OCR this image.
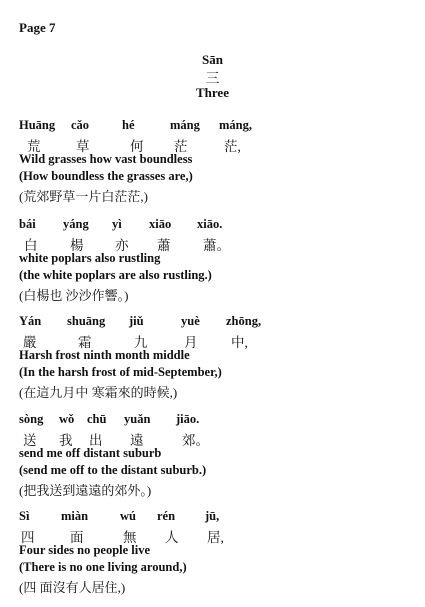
Page 7
Sān
三
Three
Huāng cǎo	hé	máng máng,
荒	草	何 茫	茫,
Wild grasses how vast boundless
(How boundless the grasses are,)
(荒郊野草一片白茫茫,)
bái yáng yì xiāo xiāo.
白 楊 亦 蕭 蕭。
white poplars also rustling
(the white poplars are also rustling.)
(白楊也 沙沙作響。)
Yán shuāng jiǔ	yuè zhōng,
嚴	霜	九	月 中,
Harsh frost ninth month middle
(In the harsh frost of mid-September,)
(在這九月中 寒霜來的時候,)
sòng wǒ chū yuǎn jiāo.
送 我 出 遠	郊。
send me off distant suburb
(send me off to the distant suburb.)
(把我送到遠遠的郊外。)
Sì	miàn	wú rén jū,
四	面	無 人 居,
Four sides no people live
(There is no one living around,)
(四 面沒有人居住,)
